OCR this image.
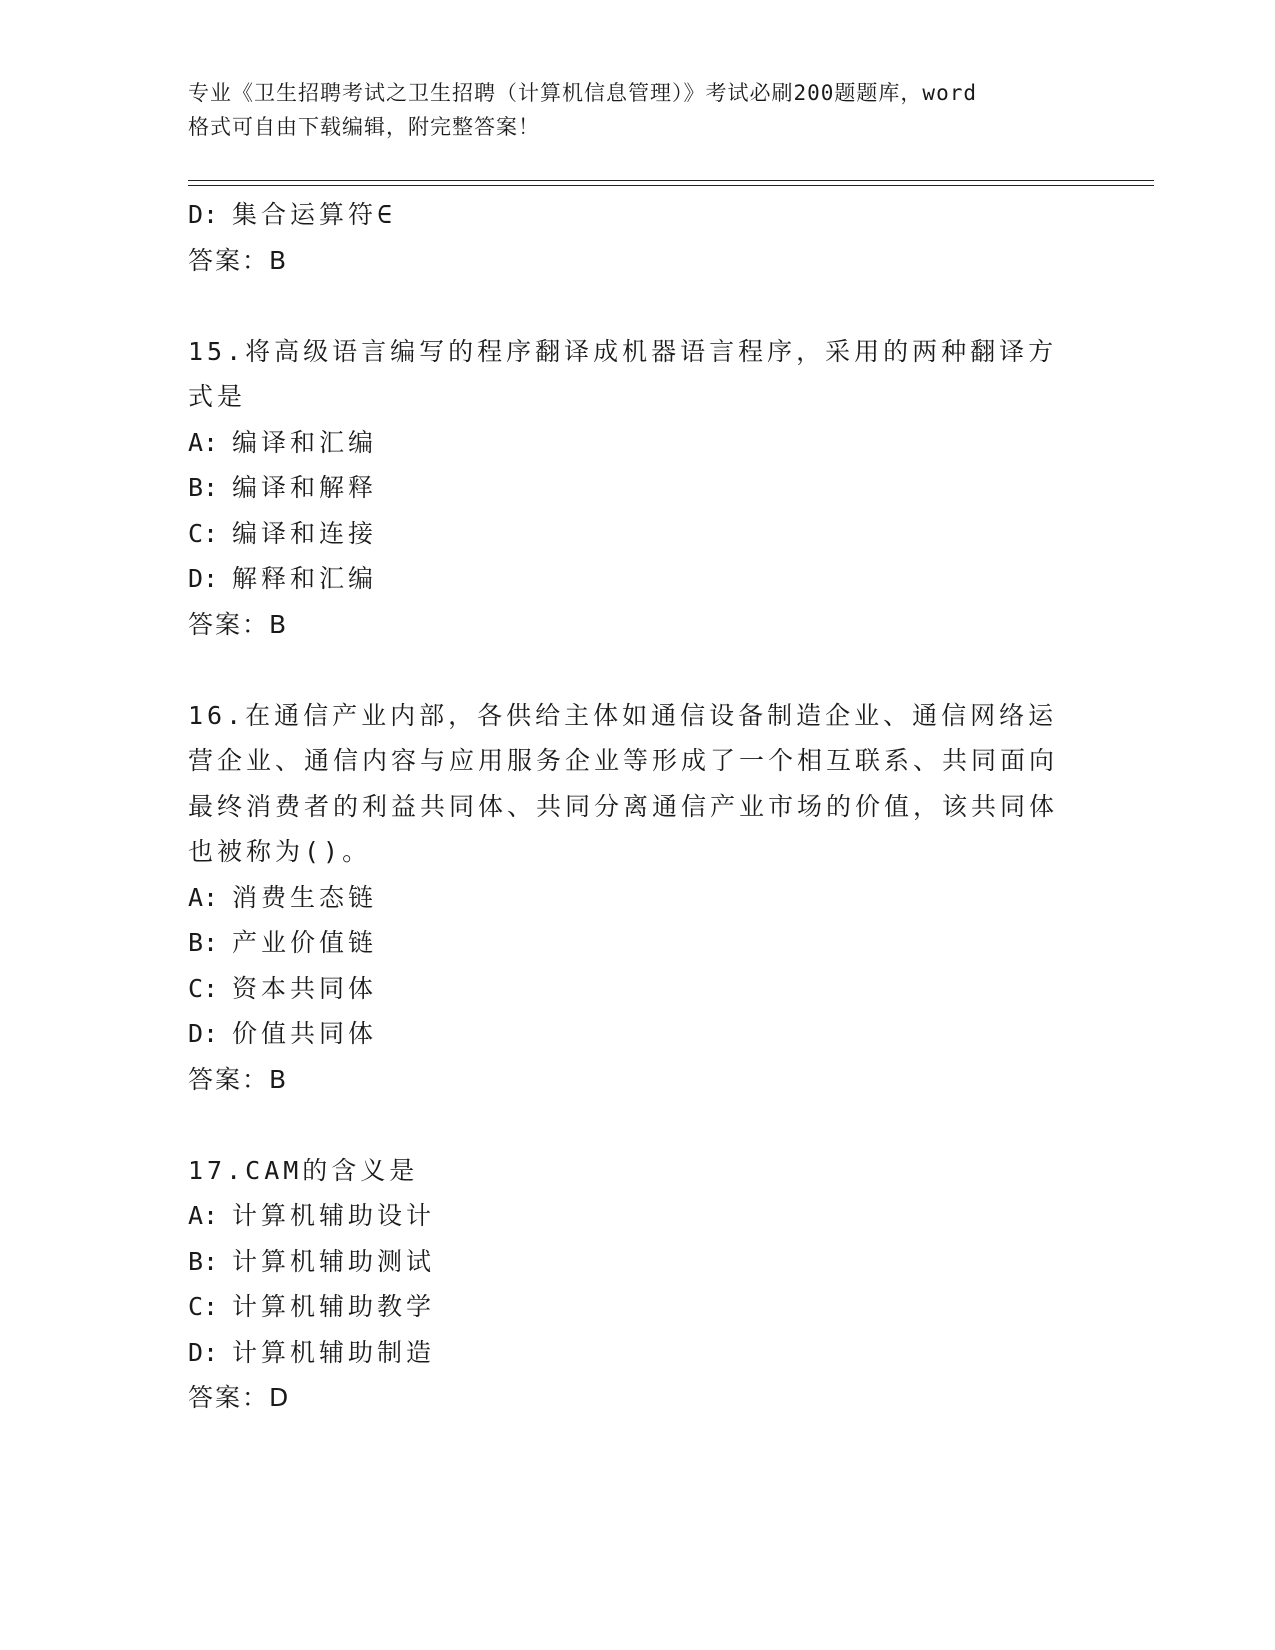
专业《卫生招聘考试之卫生招聘（计算机信息管理）》考试必刷200题题库，word
格式可自由下载编辑，附完整答案！
D: 集合运算符∈
答案：B
15.将高级语言编写的程序翻译成机器语言程序，采用的两种翻译方式是
A: 编译和汇编
B: 编译和解释
C: 编译和连接
D: 解释和汇编
答案：B
16.在通信产业内部，各供给主体如通信设备制造企业、通信网络运营企业、通信内容与应用服务企业等形成了一个相互联系、共同面向最终消费者的利益共同体、共同分离通信产业市场的价值，该共同体也被称为()。
A: 消费生态链
B: 产业价值链
C: 资本共同体
D: 价值共同体
答案：B
17.CAM的含义是
A: 计算机辅助设计
B: 计算机辅助测试
C: 计算机辅助教学
D: 计算机辅助制造
答案：D
